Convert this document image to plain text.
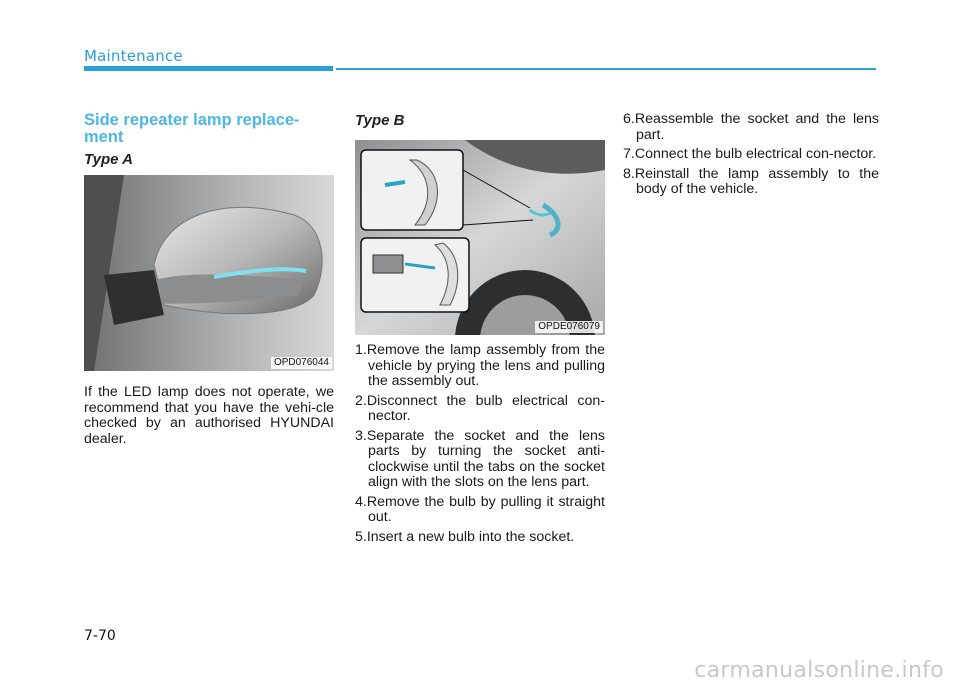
Maintenance
Side repeater lamp replace-ment
Type A
OPD076044
If the LED lamp does not operate, we recommend that you have the vehi-cle checked by an authorised HYUNDAI dealer.
Type B
OPDE076079
1.Remove the lamp assembly from the vehicle by prying the lens and pulling the assembly out.
2.Disconnect the bulb electrical con-nector.
3.Separate the socket and the lens parts by turning the socket anti-clockwise until the tabs on the socket align with the slots on the lens part.
4.Remove the bulb by pulling it straight out.
5.Insert a new bulb into the socket.
6.Reassemble the socket and the lens part.
7.Connect the bulb electrical con-nector.
8.Reinstall the lamp assembly to the body of the vehicle.
7-70
carmanualsonline.info
